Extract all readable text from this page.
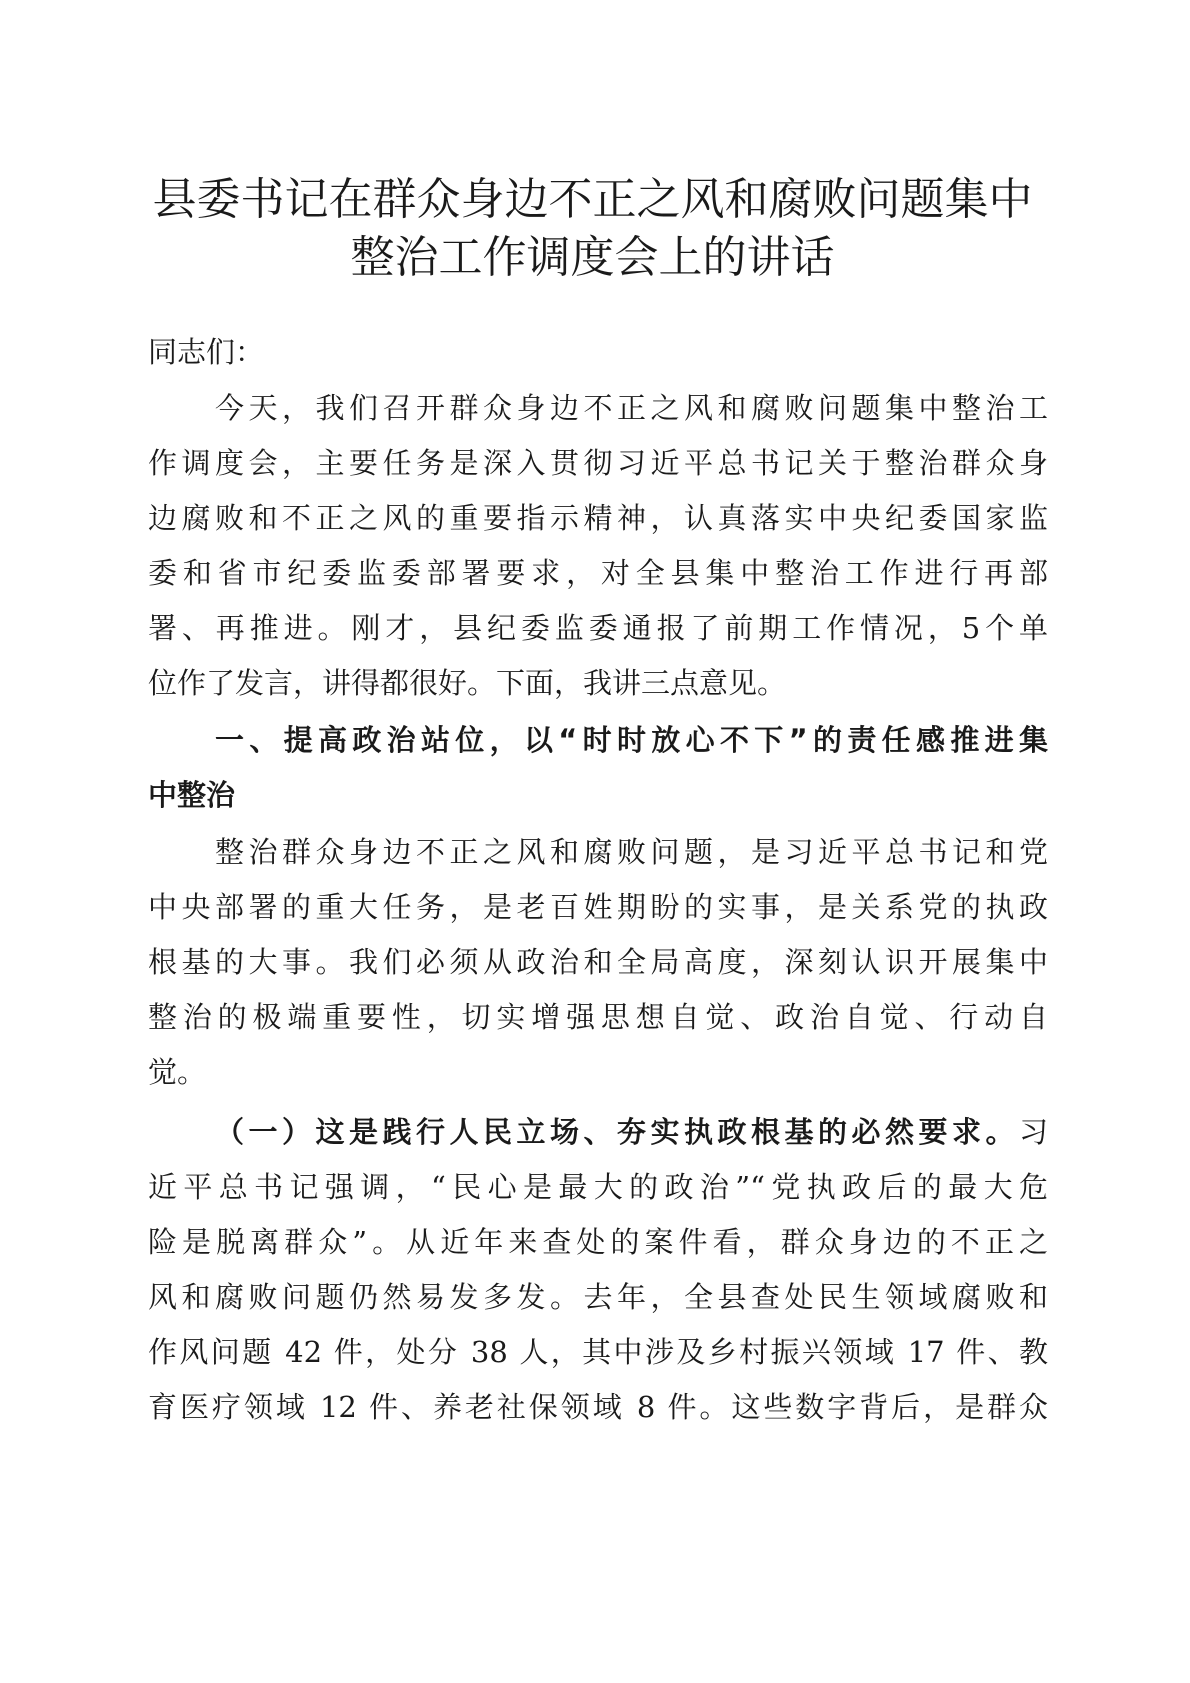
县委书记在群众身边不正之风和腐败问题集中
整治工作调度会上的讲话

同志们：

今天，我们召开群众身边不正之风和腐败问题集中整治工

作调度会，主要任务是深入贯彻习近平总书记关于整治群众身

边腐败和不正之风的重要指示精神，认真落实中央纪委国家监

委和省市纪委监委部署要求，对全县集中整治工作进行再部

署、再推进。刚才，县纪委监委通报了前期工作情况，5个单

位作了发言，讲得都很好。下面，我讲三点意见。

一、提高政治站位，以“时时放心不下”的责任感推进集

中整治

整治群众身边不正之风和腐败问题，是习近平总书记和党

中央部署的重大任务，是老百姓期盼的实事，是关系党的执政

根基的大事。我们必须从政治和全局高度，深刻认识开展集中

整治的极端重要性，切实增强思想自觉、政治自觉、行动自

觉。

（一）这是践行人民立场、夯实执政根基的必然要求。习

近平总书记强调，“民心是最大的政治”“党执政后的最大危

险是脱离群众”。从近年来查处的案件看，群众身边的不正之

风和腐败问题仍然易发多发。去年，全县查处民生领域腐败和

作风问题 42 件，处分 38 人，其中涉及乡村振兴领域 17 件、教

育医疗领域 12 件、养老社保领域 8 件。这些数字背后，是群众
